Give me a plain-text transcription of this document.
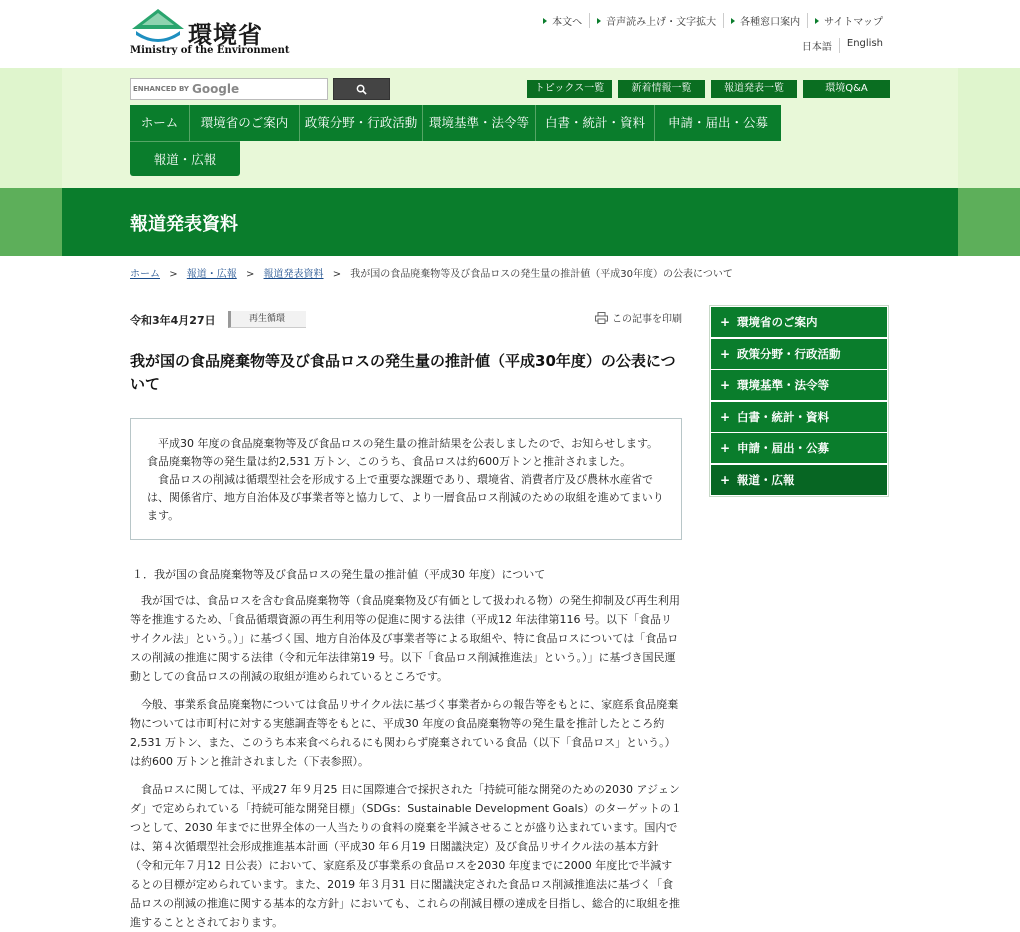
環境省
Ministry of the Environment
本文へ 音声読み上げ・文字拡大 各種窓口案内 サイトマップ
日本語	English
ENHANCED BY Google	トピックス一覧	新着情報一覧	報道発表一覧	環境Q&A
ホーム	環境省のご案内	政策分野・行政活動 環境基準・法令等	白書・統計・資料	申請・届出・公募
報道・広報
報道発表資料
ホーム > 報道・広報 > 報道発表資料 > 我が国の食品廃棄物等及び食品ロスの発生量の推計値（平成30年度）の公表について
令和3年4月27日	再生循環	この記事を印刷
我が国の食品廃棄物等及び食品ロスの発生量の推計値（平成30年度）の公表について

平成30 年度の食品廃棄物等及び食品ロスの発生量の推計結果を公表しましたので、お知らせします。

食品廃棄物等の発生量は約2,531 万トン、このうち、食品ロスは約600万トンと推計されました。

食品ロスの削減は循環型社会を形成する上で重要な課題であり、環境省、消費者庁及び農林水産省では、関係省庁、地方自治体及び事業者等と協力して、より一層食品ロス削減のための取組を進めてまいります。

１．我が国の食品廃棄物等及び食品ロスの発生量の推計値（平成30 年度）について

我が国では、食品ロスを含む食品廃棄物等（食品廃棄物及び有価として扱われる物）の発生抑制及び再生利用等を推進するため、「食品循環資源の再生利用等の促進に関する法律（平成12 年法律第116 号。以下「食品リサイクル法」という。）」に基づく国、地方自治体及び事業者等による取組や、特に食品ロスについては「食品ロスの削減の推進に関する法律（令和元年法律第19 号。以下「食品ロス削減推進法」という。）」に基づき国民運動としての食品ロスの削減の取組が進められているところです。

今般、事業系食品廃棄物については食品リサイクル法に基づく事業者からの報告等をもとに、家庭系食品廃棄物については市町村に対する実態調査等をもとに、平成30 年度の食品廃棄物等の発生量を推計したところ約2,531 万トン、また、このうち本来食べられるにも関わらず廃棄されている食品（以下「食品ロス」という。）は約600 万トンと推計されました（下表参照）。

食品ロスに関しては、平成27 年９月25 日に国際連合で採択された「持続可能な開発のための2030 アジェンダ」で定められている「持続可能な開発目標」（SDGs：Sustainable Development Goals）のターゲットの１つとして、2030 年までに世界全体の一人当たりの食料の廃棄を半減させることが盛り込まれています。国内では、第４次循環型社会形成推進基本計画（平成30 年６月19 日閣議決定）及び食品リサイクル法の基本方針

（令和元年７月12 日公表）において、家庭系及び事業系の食品ロスを2030 年度までに2000 年度比で半減するとの目標が定められています。また、2019 年３月31 日に閣議決定された食品ロス削減推進法に基づく「食品ロスの削減の推進に関する基本的な方針」においても、これらの削減目標の達成を目指し、総合的に取組を推進することとされております。

+ 環境省のご案内
+ 政策分野・行政活動
+ 環境基準・法令等
+ 白書・統計・資料
+ 申請・届出・公募
+ 報道・広報
